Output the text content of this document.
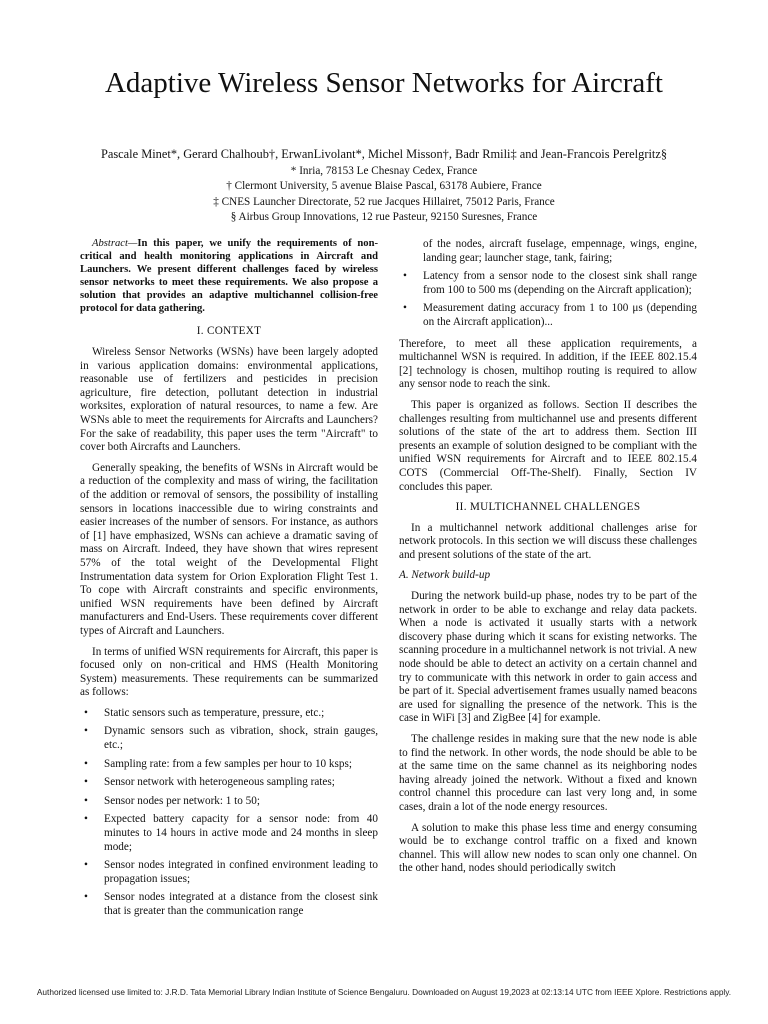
Adaptive Wireless Sensor Networks for Aircraft
Pascale Minet*, Gerard Chalhoub†, ErwanLivolant*, Michel Misson†, Badr Rmili‡ and Jean-Francois Perelgritz§
* Inria, 78153 Le Chesnay Cedex, France
† Clermont University, 5 avenue Blaise Pascal, 63178 Aubiere, France
‡ CNES Launcher Directorate, 52 rue Jacques Hillairet, 75012 Paris, France
§ Airbus Group Innovations, 12 rue Pasteur, 92150 Suresnes, France

Abstract—In this paper, we unify the requirements of non-critical and health monitoring applications in Aircraft and Launchers. We present different challenges faced by wireless sensor networks to meet these requirements. We also propose a solution that provides an adaptive multichannel collision-free protocol for data gathering.

I. CONTEXT

Wireless Sensor Networks (WSNs) have been largely adopted in various application domains: environmental applications, reasonable use of fertilizers and pesticides in precision agriculture, fire detection, pollutant detection in industrial worksites, exploration of natural resources, to name a few. Are WSNs able to meet the requirements for Aircrafts and Launchers? For the sake of readability, this paper uses the term "Aircraft" to cover both Aircrafts and Launchers.

Generally speaking, the benefits of WSNs in Aircraft would be a reduction of the complexity and mass of wiring, the facilitation of the addition or removal of sensors, the possibility of installing sensors in locations inaccessible due to wiring constraints and easier increases of the number of sensors. For instance, as authors of [1] have emphasized, WSNs can achieve a dramatic saving of mass on Aircraft. Indeed, they have shown that wires represent 57% of the total weight of the Developmental Flight Instrumentation data system for Orion Exploration Flight Test 1. To cope with Aircraft constraints and specific environments, unified WSN requirements have been defined by Aircraft manufacturers and End-Users. These requirements cover different types of Aircraft and Launchers.

In terms of unified WSN requirements for Aircraft, this paper is focused only on non-critical and HMS (Health Monitoring System) measurements. These requirements can be summarized as follows:

• Static sensors such as temperature, pressure, etc.;
• Dynamic sensors such as vibration, shock, strain gauges, etc.;
• Sampling rate: from a few samples per hour to 10 ksps;
• Sensor network with heterogeneous sampling rates;
• Sensor nodes per network: 1 to 50;
• Expected battery capacity for a sensor node: from 40 minutes to 14 hours in active mode and 24 months in sleep mode;
• Sensor nodes integrated in confined environment leading to propagation issues;
• Sensor nodes integrated at a distance from the closest sink that is greater than the communication range
of the nodes, aircraft fuselage, empennage, wings, engine, landing gear; launcher stage, tank, fairing;
• Latency from a sensor node to the closest sink shall range from 100 to 500 ms (depending on the Aircraft application);
• Measurement dating accuracy from 1 to 100 μs (depending on the Aircraft application)...

Therefore, to meet all these application requirements, a multichannel WSN is required. In addition, if the IEEE 802.15.4 [2] technology is chosen, multihop routing is required to allow any sensor node to reach the sink.

This paper is organized as follows. Section II describes the challenges resulting from multichannel use and presents different solutions of the state of the art to address them. Section III presents an example of solution designed to be compliant with the unified WSN requirements for Aircraft and to IEEE 802.15.4 COTS (Commercial Off-The-Shelf). Finally, Section IV concludes this paper.

II. MULTICHANNEL CHALLENGES

In a multichannel network additional challenges arise for network protocols. In this section we will discuss these challenges and present solutions of the state of the art.

A. Network build-up

During the network build-up phase, nodes try to be part of the network in order to be able to exchange and relay data packets. When a node is activated it usually starts with a network discovery phase during which it scans for existing networks. The scanning procedure in a multichannel network is not trivial. A new node should be able to detect an activity on a certain channel and try to communicate with this network in order to gain access and be part of it. Special advertisement frames usually named beacons are used for signalling the presence of the network. This is the case in WiFi [3] and ZigBee [4] for example.

The challenge resides in making sure that the new node is able to find the network. In other words, the node should be able to be at the same time on the same channel as its neighboring nodes having already joined the network. Without a fixed and known control channel this procedure can last very long and, in some cases, drain a lot of the node energy resources.

A solution to make this phase less time and energy consuming would be to exchange control traffic on a fixed and known channel. This will allow new nodes to scan only one channel. On the other hand, nodes should periodically switch

Authorized licensed use limited to: J.R.D. Tata Memorial Library Indian Institute of Science Bengaluru. Downloaded on August 19,2023 at 02:13:14 UTC from IEEE Xplore. Restrictions apply.
